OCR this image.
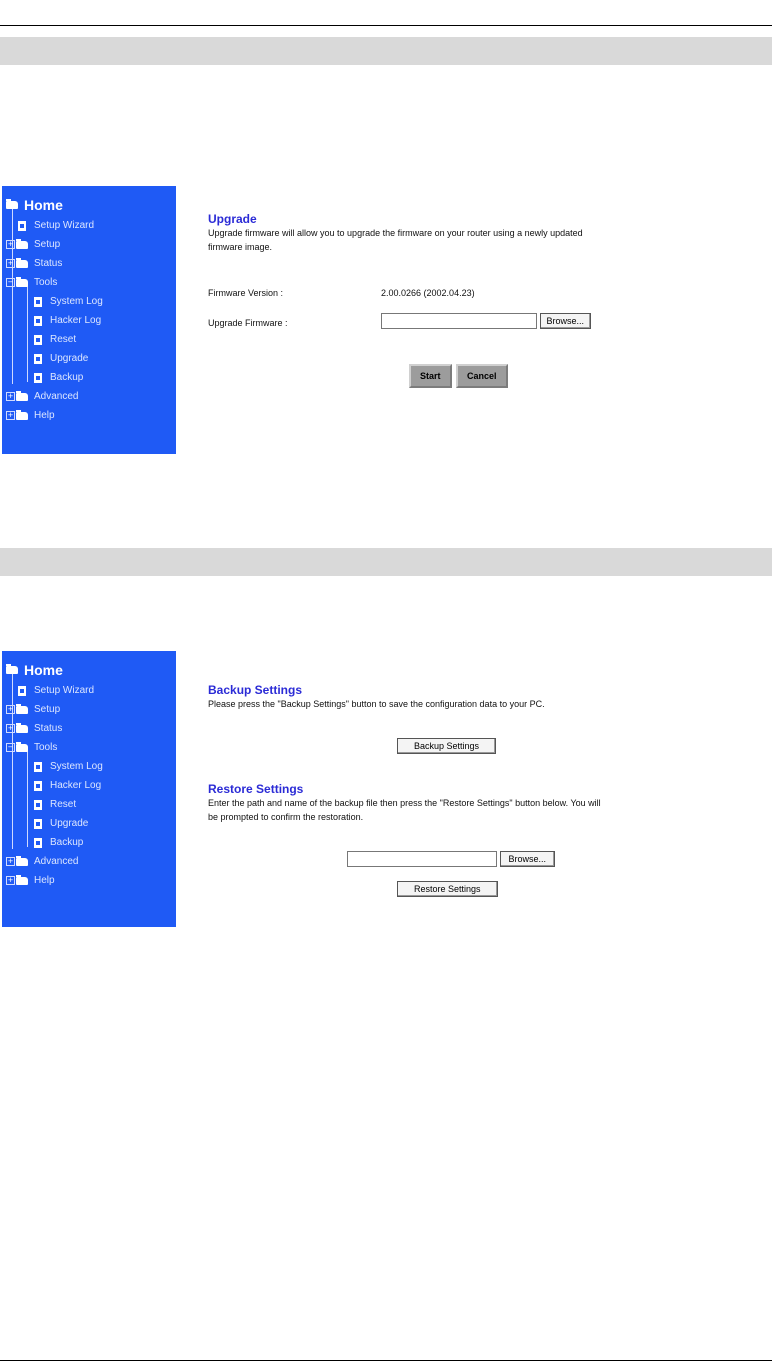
Home
Setup Wizard
+ Setup
+ Status
− Tools
System Log
Hacker Log
Reset
Upgrade
Backup
+ Advanced
+ Help
Upgrade
Upgrade firmware will allow you to upgrade the firmware on your router using a newly updated
firmware image.
Firmware Version :	2.00.0266 (2002.04.23)
Upgrade Firmware :	Browse...
Start	Cancel
Home
Setup Wizard
+ Setup
+ Status
− Tools
System Log
Hacker Log
Reset
Upgrade
Backup
+ Advanced
+ Help
Backup Settings
Please press the "Backup Settings" button to save the configuration data to your PC.
Backup Settings
Restore Settings
Enter the path and name of the backup file then press the "Restore Settings" button below. You will
be prompted to confirm the restoration.
Browse...
Restore Settings
